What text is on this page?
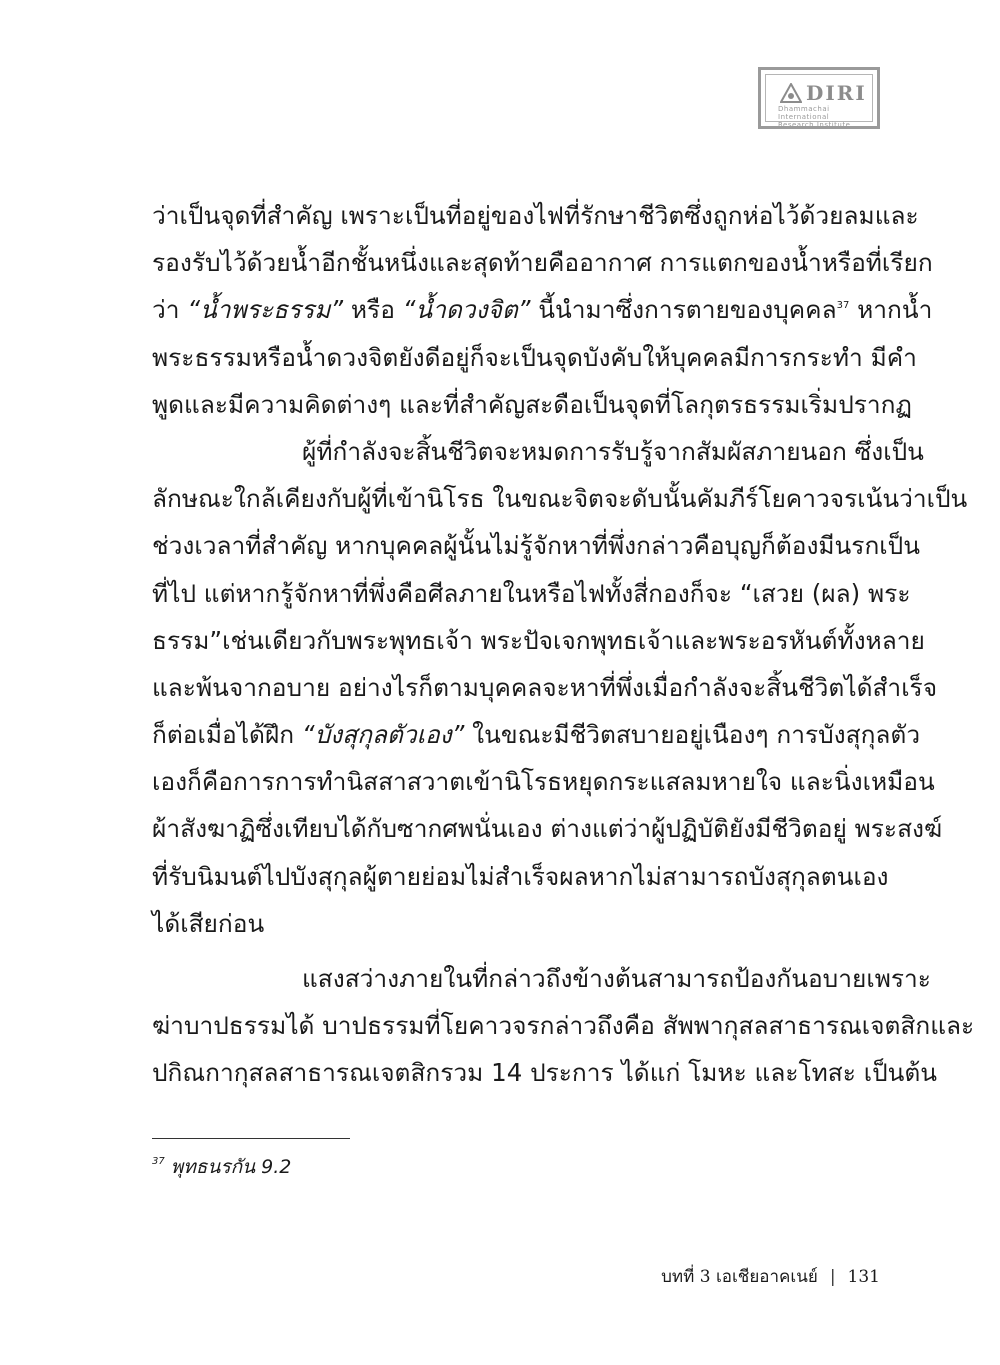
DIRI
Dhammachai International
Research Institute
ว่าเป็นจุดที่สำคัญ เพราะเป็นที่อยู่ของไฟที่รักษาชีวิตซึ่งถูกห่อไว้ด้วยลมและ
รองรับไว้ด้วยน้ำอีกชั้นหนึ่งและสุดท้ายคืออากาศ การแตกของน้ำหรือที่เรียก
ว่า “น้ำพระธรรม” หรือ “น้ำดวงจิต” นี้นำมาซึ่งการตายของบุคคล$^{37}$ หากน้ำ
พระธรรมหรือน้ำดวงจิตยังดีอยู่ก็จะเป็นจุดบังคับให้บุคคลมีการกระทำ มีคำ
พูดและมีความคิดต่างๆ และที่สำคัญสะดือเป็นจุดที่โลกุตรธรรมเริ่มปรากฏ
ผู้ที่กำลังจะสิ้นชีวิตจะหมดการรับรู้จากสัมผัสภายนอก ซึ่งเป็น
ลักษณะใกล้เคียงกับผู้ที่เข้านิโรธ ในขณะจิตจะดับนั้นคัมภีร์โยคาวจรเน้นว่าเป็น
ช่วงเวลาที่สำคัญ หากบุคคลผู้นั้นไม่รู้จักหาที่พึ่งกล่าวคือบุญก็ต้องมีนรกเป็น
ที่ไป แต่หากรู้จักหาที่พึ่งคือศีลภายในหรือไฟทั้งสี่กองก็จะ “เสวย (ผล) พระ
ธรรม”เช่นเดียวกับพระพุทธเจ้า พระปัจเจกพุทธเจ้าและพระอรหันต์ทั้งหลาย
และพ้นจากอบาย อย่างไรก็ตามบุคคลจะหาที่พึ่งเมื่อกำลังจะสิ้นชีวิตได้สำเร็จ
ก็ต่อเมื่อได้ฝึก “บังสุกุลตัวเอง” ในขณะมีชีวิตสบายอยู่เนืองๆ การบังสุกุลตัว
เองก็คือการการทำนิสสาสวาตเข้านิโรธหยุดกระแสลมหายใจ และนิ่งเหมือน
ผ้าสังฆาฏิซึ่งเทียบได้กับซากศพนั่นเอง ต่างแต่ว่าผู้ปฏิบัติยังมีชีวิตอยู่ พระสงฆ์
ที่รับนิมนต์ไปบังสุกุลผู้ตายย่อมไม่สำเร็จผลหากไม่สามารถบังสุกุลตนเอง
ได้เสียก่อน
แสงสว่างภายในที่กล่าวถึงข้างต้นสามารถป้องกันอบายเพราะ
ฆ่าบาปธรรมได้ บาปธรรมที่โยคาวจรกล่าวถึงคือ สัพพากุสลสาธารณเจตสิกและ
ปกิณกากุสลสาธารณเจตสิกรวม 14 ประการ ได้แก่ โมหะ และโทสะ เป็นต้น
$^{37}$ พุทธนรกัน 9.2
บทที่ 3 เอเชียอาคเนย์ | 131
